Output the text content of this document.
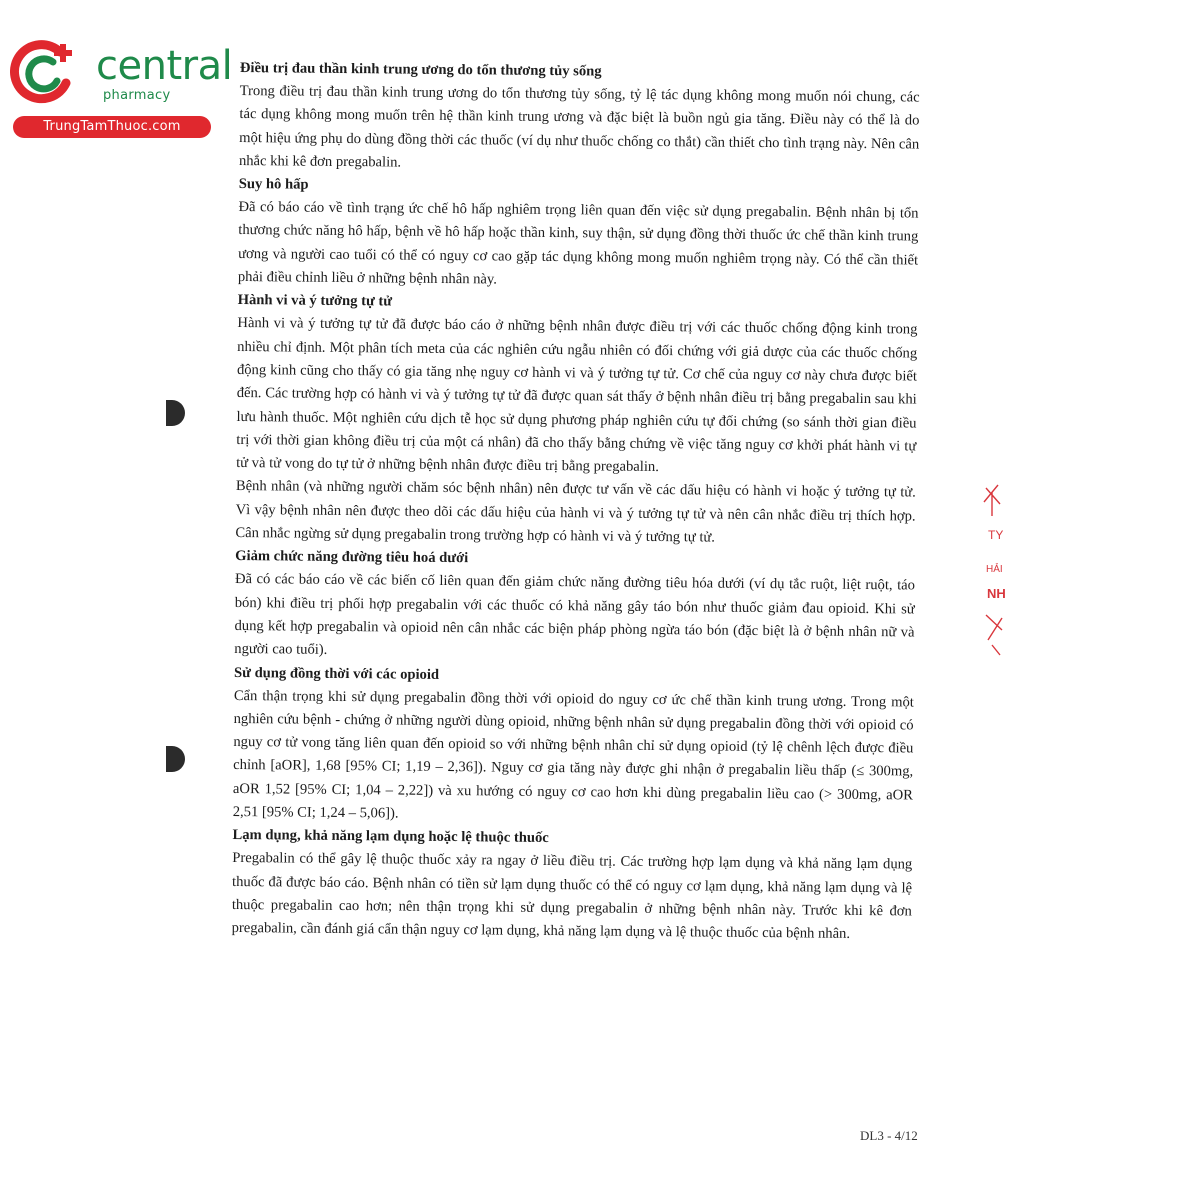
central
pharmacy
TrungTamThuoc.com
Điều trị đau thần kinh trung ương do tổn thương tủy sống

Trong điều trị đau thần kinh trung ương do tổn thương tủy sống, tỷ lệ tác dụng không mong muốn nói chung, các tác dụng không mong muốn trên hệ thần kinh trung ương và đặc biệt là buồn ngủ gia tăng. Điều này có thể là do một hiệu ứng phụ do dùng đồng thời các thuốc (ví dụ như thuốc chống co thắt) cần thiết cho tình trạng này. Nên cân nhắc khi kê đơn pregabalin.

Suy hô hấp

Đã có báo cáo về tình trạng ức chế hô hấp nghiêm trọng liên quan đến việc sử dụng pregabalin. Bệnh nhân bị tổn thương chức năng hô hấp, bệnh về hô hấp hoặc thần kinh, suy thận, sử dụng đồng thời thuốc ức chế thần kinh trung ương và người cao tuổi có thể có nguy cơ cao gặp tác dụng không mong muốn nghiêm trọng này. Có thể cần thiết phải điều chỉnh liều ở những bệnh nhân này.

Hành vi và ý tưởng tự tử

Hành vi và ý tưởng tự tử đã được báo cáo ở những bệnh nhân được điều trị với các thuốc chống động kinh trong nhiều chỉ định. Một phân tích meta của các nghiên cứu ngẫu nhiên có đối chứng với giả dược của các thuốc chống động kinh cũng cho thấy có gia tăng nhẹ nguy cơ hành vi và ý tưởng tự tử. Cơ chế của nguy cơ này chưa được biết đến. Các trường hợp có hành vi và ý tưởng tự tử đã được quan sát thấy ở bệnh nhân điều trị bằng pregabalin sau khi lưu hành thuốc. Một nghiên cứu dịch tễ học sử dụng phương pháp nghiên cứu tự đối chứng (so sánh thời gian điều trị với thời gian không điều trị của một cá nhân) đã cho thấy bằng chứng về việc tăng nguy cơ khởi phát hành vi tự tử và tử vong do tự tử ở những bệnh nhân được điều trị bằng pregabalin.

Bệnh nhân (và những người chăm sóc bệnh nhân) nên được tư vấn về các dấu hiệu có hành vi hoặc ý tưởng tự tử. Vì vậy bệnh nhân nên được theo dõi các dấu hiệu của hành vi và ý tưởng tự tử và nên cân nhắc điều trị thích hợp. Cân nhắc ngừng sử dụng pregabalin trong trường hợp có hành vi và ý tưởng tự tử.

Giảm chức năng đường tiêu hoá dưới

Đã có các báo cáo về các biến cố liên quan đến giảm chức năng đường tiêu hóa dưới (ví dụ tắc ruột, liệt ruột, táo bón) khi điều trị phối hợp pregabalin với các thuốc có khả năng gây táo bón như thuốc giảm đau opioid. Khi sử dụng kết hợp pregabalin và opioid nên cân nhắc các biện pháp phòng ngừa táo bón (đặc biệt là ở bệnh nhân nữ và người cao tuổi).

Sử dụng đồng thời với các opioid

Cẩn thận trọng khi sử dụng pregabalin đồng thời với opioid do nguy cơ ức chế thần kinh trung ương. Trong một nghiên cứu bệnh - chứng ở những người dùng opioid, những bệnh nhân sử dụng pregabalin đồng thời với opioid có nguy cơ tử vong tăng liên quan đến opioid so với những bệnh nhân chỉ sử dụng opioid (tỷ lệ chênh lệch được điều chỉnh [aOR], 1,68 [95% CI; 1,19 – 2,36]). Nguy cơ gia tăng này được ghi nhận ở pregabalin liều thấp (≤ 300mg, aOR 1,52 [95% CI; 1,04 – 2,22]) và xu hướng có nguy cơ cao hơn khi dùng pregabalin liều cao (> 300mg, aOR 2,51 [95% CI; 1,24 – 5,06]).

Lạm dụng, khả năng lạm dụng hoặc lệ thuộc thuốc

Pregabalin có thể gây lệ thuộc thuốc xảy ra ngay ở liều điều trị. Các trường hợp lạm dụng và khả năng lạm dụng thuốc đã được báo cáo. Bệnh nhân có tiền sử lạm dụng thuốc có thể có nguy cơ lạm dụng, khả năng lạm dụng và lệ thuộc pregabalin cao hơn; nên thận trọng khi sử dụng pregabalin ở những bệnh nhân này. Trước khi kê đơn pregabalin, cần đánh giá cẩn thận nguy cơ lạm dụng, khả năng lạm dụng và lệ thuộc thuốc của bệnh nhân.

TY
HẢI
NH
DL3 - 4/12
